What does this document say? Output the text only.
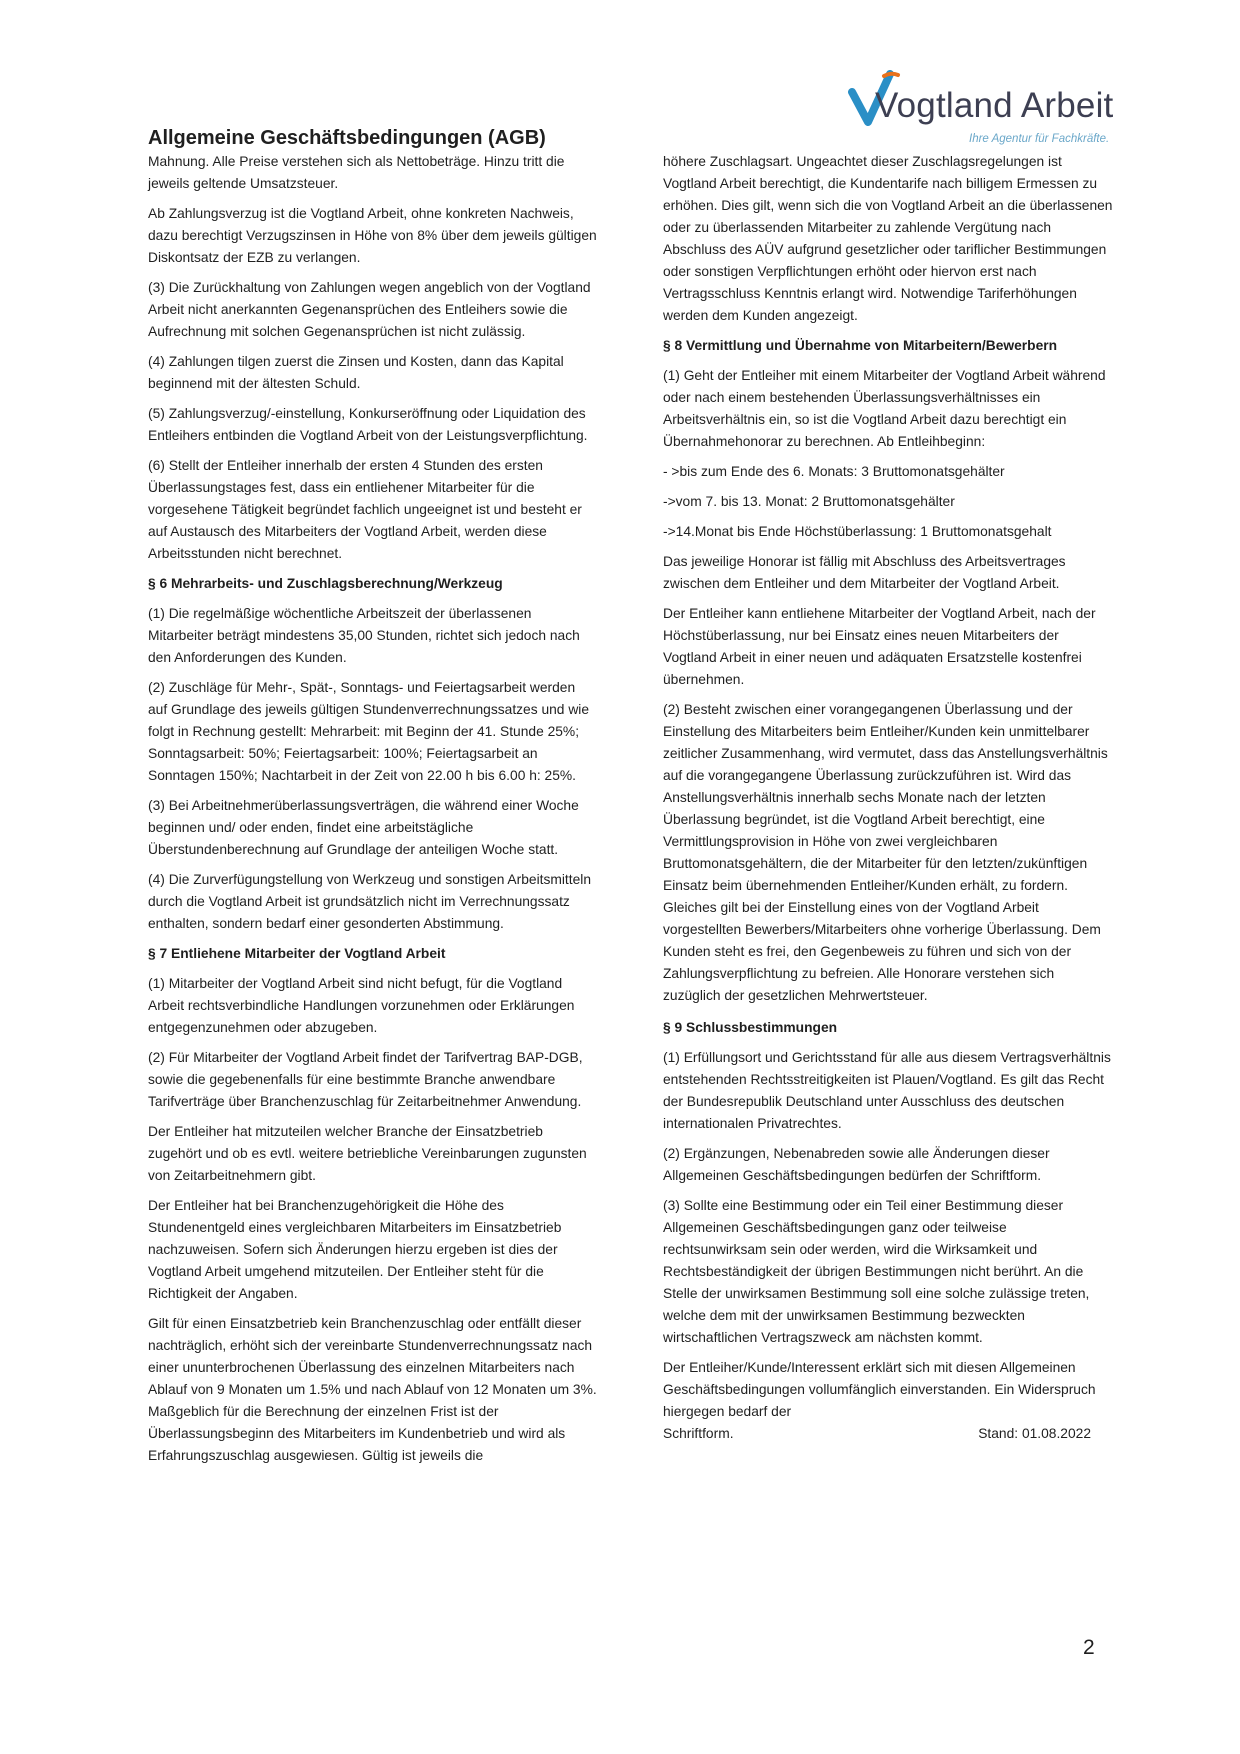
Vogtland Arbeit
Ihre Agentur für Fachkräfte.
Allgemeine Geschäftsbedingungen (AGB)

Mahnung. Alle Preise verstehen sich als Nettobeträge. Hinzu tritt die jeweils geltende Umsatzsteuer.

Ab Zahlungsverzug ist die Vogtland Arbeit, ohne konkreten Nachweis, dazu berechtigt Verzugszinsen in Höhe von 8% über dem jeweils gültigen Diskontsatz der EZB zu verlangen.

(3) Die Zurückhaltung von Zahlungen wegen angeblich von der Vogtland Arbeit nicht anerkannten Gegenansprüchen des Entleihers sowie die Aufrechnung mit solchen Gegenansprüchen ist nicht zulässig.

(4) Zahlungen tilgen zuerst die Zinsen und Kosten, dann das Kapital beginnend mit der ältesten Schuld.

(5) Zahlungsverzug/-einstellung, Konkurseröffnung oder Liquidation des Entleihers entbinden die Vogtland Arbeit von der Leistungsverpflichtung.

(6) Stellt der Entleiher innerhalb der ersten 4 Stunden des ersten Überlassungstages fest, dass ein entliehener Mitarbeiter für die vorgesehene Tätigkeit begründet fachlich ungeeignet ist und besteht er auf Austausch des Mitarbeiters der Vogtland Arbeit, werden diese Arbeitsstunden nicht berechnet.

§ 6 Mehrarbeits- und Zuschlagsberechnung/Werkzeug

(1) Die regelmäßige wöchentliche Arbeitszeit der überlassenen Mitarbeiter beträgt mindestens 35,00 Stunden, richtet sich jedoch nach den Anforderungen des Kunden.

(2) Zuschläge für Mehr-, Spät-, Sonntags- und Feiertagsarbeit werden auf Grundlage des jeweils gültigen Stundenverrechnungssatzes und wie folgt in Rechnung gestellt: Mehrarbeit: mit Beginn der 41. Stunde 25%; Sonntagsarbeit: 50%; Feiertagsarbeit: 100%; Feiertagsarbeit an Sonntagen 150%; Nachtarbeit in der Zeit von 22.00 h bis 6.00 h: 25%.

(3) Bei Arbeitnehmerüberlassungsverträgen, die während einer Woche beginnen und/ oder enden, findet eine arbeitstägliche Überstundenberechnung auf Grundlage der anteiligen Woche statt.

(4) Die Zurverfügungstellung von Werkzeug und sonstigen Arbeitsmitteln durch die Vogtland Arbeit ist grundsätzlich nicht im Verrechnungssatz enthalten, sondern bedarf einer gesonderten Abstimmung.

§ 7 Entliehene Mitarbeiter der Vogtland Arbeit

(1) Mitarbeiter der Vogtland Arbeit sind nicht befugt, für die Vogtland Arbeit rechtsverbindliche Handlungen vorzunehmen oder Erklärungen entgegenzunehmen oder abzugeben.

(2) Für Mitarbeiter der Vogtland Arbeit findet der Tarifvertrag BAP-DGB, sowie die gegebenenfalls für eine bestimmte Branche anwendbare Tarifverträge über Branchenzuschlag für Zeitarbeitnehmer Anwendung.

Der Entleiher hat mitzuteilen welcher Branche der Einsatzbetrieb zugehört und ob es evtl. weitere betriebliche Vereinbarungen zugunsten von Zeitarbeitnehmern gibt.

Der Entleiher hat bei Branchenzugehörigkeit die Höhe des Stundenentgeld eines vergleichbaren Mitarbeiters im Einsatzbetrieb nachzuweisen. Sofern sich Änderungen hierzu ergeben ist dies der Vogtland Arbeit umgehend mitzuteilen. Der Entleiher steht für die Richtigkeit der Angaben.

Gilt für einen Einsatzbetrieb kein Branchenzuschlag oder entfällt dieser nachträglich, erhöht sich der vereinbarte Stundenverrechnungssatz nach einer ununterbrochenen Überlassung des einzelnen Mitarbeiters nach Ablauf von 9 Monaten um 1.5% und nach Ablauf von 12 Monaten um 3%. Maßgeblich für die Berechnung der einzelnen Frist ist der Überlassungsbeginn des Mitarbeiters im Kundenbetrieb und wird als Erfahrungszuschlag ausgewiesen. Gültig ist jeweils die

höhere Zuschlagsart. Ungeachtet dieser Zuschlagsregelungen ist Vogtland Arbeit berechtigt, die Kundentarife nach billigem Ermessen zu erhöhen. Dies gilt, wenn sich die von Vogtland Arbeit an die überlassenen oder zu überlassenden Mitarbeiter zu zahlende Vergütung nach Abschluss des AÜV aufgrund gesetzlicher oder tariflicher Bestimmungen oder sonstigen Verpflichtungen erhöht oder hiervon erst nach Vertragsschluss Kenntnis erlangt wird. Notwendige Tariferhöhungen werden dem Kunden angezeigt.

§ 8 Vermittlung und Übernahme von Mitarbeitern/Bewerbern

(1) Geht der Entleiher mit einem Mitarbeiter der Vogtland Arbeit während oder nach einem bestehenden Überlassungsverhältnisses ein Arbeitsverhältnis ein, so ist die Vogtland Arbeit dazu berechtigt ein Übernahmehonorar zu berechnen. Ab Entleihbeginn:

- >bis zum Ende des 6. Monats: 3 Bruttomonatsgehälter

->vom 7. bis 13. Monat: 2 Bruttomonatsgehälter

->14.Monat bis Ende Höchstüberlassung: 1 Bruttomonatsgehalt

Das jeweilige Honorar ist fällig mit Abschluss des Arbeitsvertrages zwischen dem Entleiher und dem Mitarbeiter der Vogtland Arbeit.

Der Entleiher kann entliehene Mitarbeiter der Vogtland Arbeit, nach der Höchstüberlassung, nur bei Einsatz eines neuen Mitarbeiters der Vogtland Arbeit in einer neuen und adäquaten Ersatzstelle kostenfrei übernehmen.

(2) Besteht zwischen einer vorangegangenen Überlassung und der Einstellung des Mitarbeiters beim Entleiher/Kunden kein unmittelbarer zeitlicher Zusammenhang, wird vermutet, dass das Anstellungsverhältnis auf die vorangegangene Überlassung zurückzuführen ist. Wird das Anstellungsverhältnis innerhalb sechs Monate nach der letzten Überlassung begründet, ist die Vogtland Arbeit berechtigt, eine Vermittlungsprovision in Höhe von zwei vergleichbaren Bruttomonatsgehältern, die der Mitarbeiter für den letzten/zukünftigen Einsatz beim übernehmenden Entleiher/Kunden erhält, zu fordern. Gleiches gilt bei der Einstellung eines von der Vogtland Arbeit vorgestellten Bewerbers/Mitarbeiters ohne vorherige Überlassung. Dem Kunden steht es frei, den Gegenbeweis zu führen und sich von der Zahlungsverpflichtung zu befreien. Alle Honorare verstehen sich zuzüglich der gesetzlichen Mehrwertsteuer.

§ 9 Schlussbestimmungen

(1) Erfüllungsort und Gerichtsstand für alle aus diesem Vertragsverhältnis entstehenden Rechtsstreitigkeiten ist Plauen/Vogtland. Es gilt das Recht der Bundesrepublik Deutschland unter Ausschluss des deutschen internationalen Privatrechtes.

(2) Ergänzungen, Nebenabreden sowie alle Änderungen dieser Allgemeinen Geschäftsbedingungen bedürfen der Schriftform.

(3) Sollte eine Bestimmung oder ein Teil einer Bestimmung dieser Allgemeinen Geschäftsbedingungen ganz oder teilweise rechtsunwirksam sein oder werden, wird die Wirksamkeit und Rechtsbeständigkeit der übrigen Bestimmungen nicht berührt. An die Stelle der unwirksamen Bestimmung soll eine solche zulässige treten, welche dem mit der unwirksamen Bestimmung bezweckten wirtschaftlichen Vertragszweck am nächsten kommt.

Der Entleiher/Kunde/Interessent erklärt sich mit diesen Allgemeinen Geschäftsbedingungen vollumfänglich einverstanden. Ein Widerspruch hiergegen bedarf der
Schriftform.	Stand: 01.08.2022

2
